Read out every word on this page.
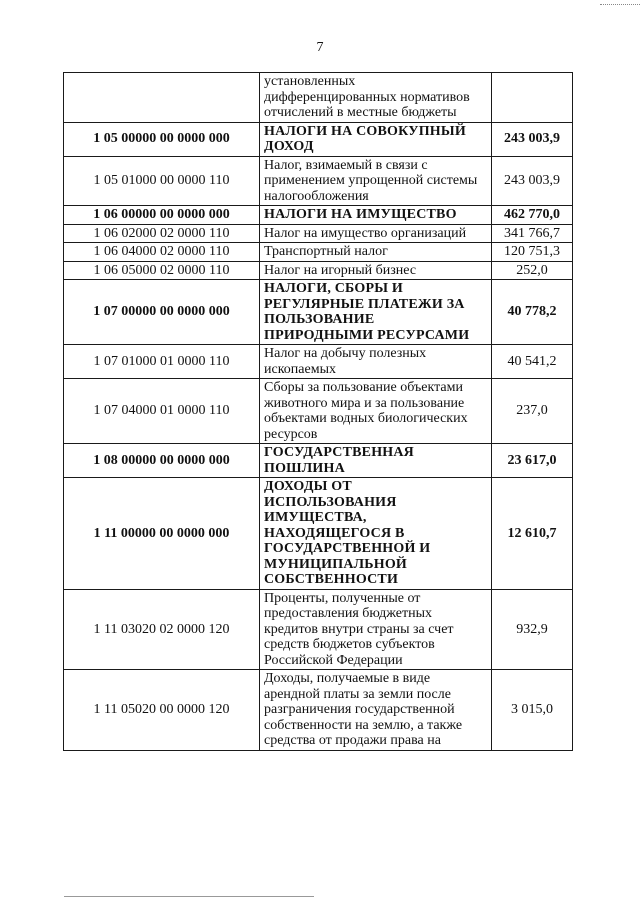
7
	установленных дифференцированных нормативов отчислений в местные бюджеты	
1 05 00000 00 0000 000	НАЛОГИ НА СОВОКУПНЫЙ ДОХОД	243 003,9
1 05 01000 00 0000 110	Налог, взимаемый в связи с применением упрощенной системы налогообложения	243 003,9
1 06 00000 00 0000 000	НАЛОГИ НА ИМУЩЕСТВО	462 770,0
1 06 02000 02 0000 110	Налог на имущество организаций	341 766,7
1 06 04000 02 0000 110	Транспортный налог	120 751,3
1 06 05000 02 0000 110	Налог на игорный бизнес	252,0
1 07 00000 00 0000 000	НАЛОГИ, СБОРЫ И РЕГУЛЯРНЫЕ ПЛАТЕЖИ ЗА ПОЛЬЗОВАНИЕ ПРИРОДНЫМИ РЕСУРСАМИ	40 778,2
1 07 01000 01 0000 110	Налог на добычу полезных ископаемых	40 541,2
1 07 04000 01 0000 110	Сборы за пользование объектами животного мира и за пользование объектами водных биологических ресурсов	237,0
1 08 00000 00 0000 000	ГОСУДАРСТВЕННАЯ ПОШЛИНА	23 617,0
1 11 00000 00 0000 000	ДОХОДЫ ОТ ИСПОЛЬЗОВАНИЯ ИМУЩЕСТВА, НАХОДЯЩЕГОСЯ В ГОСУДАРСТВЕННОЙ И МУНИЦИПАЛЬНОЙ СОБСТВЕННОСТИ	12 610,7
1 11 03020 02 0000 120	Проценты, полученные от предоставления бюджетных кредитов внутри страны за счет средств бюджетов субъектов Российской Федерации	932,9
1 11 05020 00 0000 120	Доходы, получаемые в виде арендной платы за земли после разграничения государственной собственности на землю, а также средства от продажи права на	3 015,0
